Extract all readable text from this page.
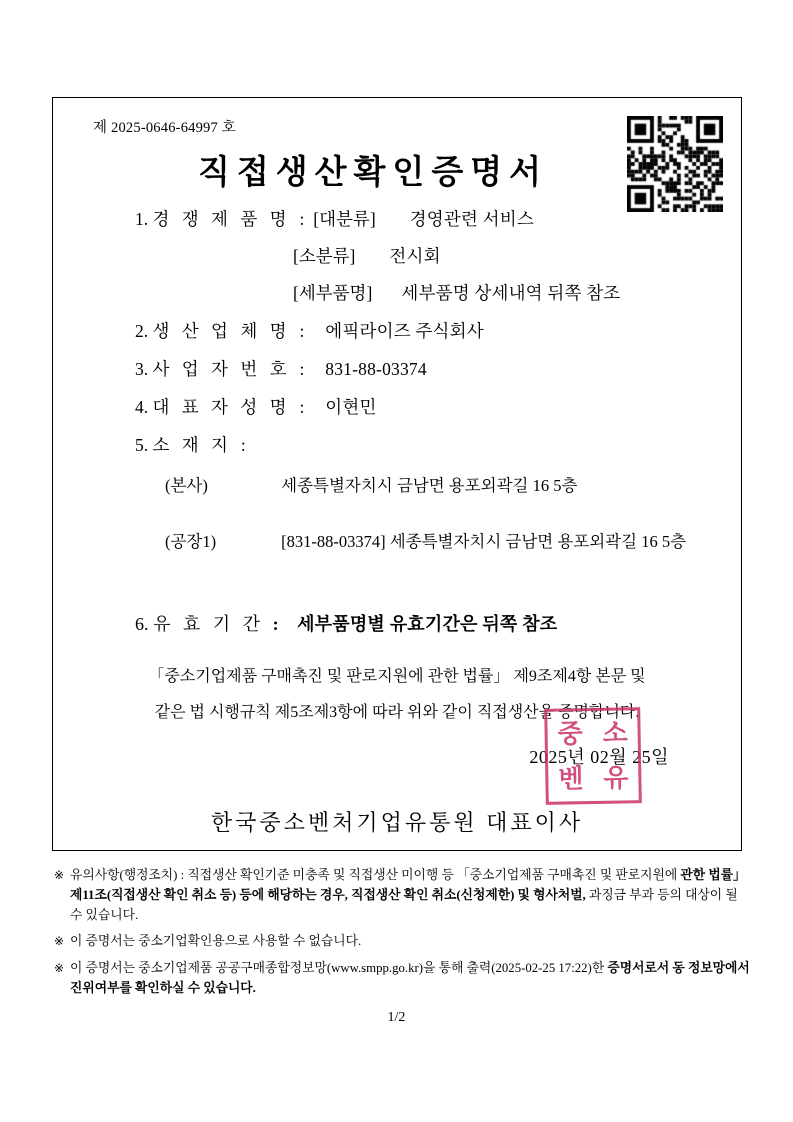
제 2025-0646-64997 호
직접생산확인증명서
1. 경 쟁 제 품 명 : [대분류] 경영관련 서비스
[소분류] 전시회
[세부품명] 세부품명 상세내역 뒤쪽 참조
2. 생 산 업 체 명 : 에픽라이즈 주식회사
3. 사 업 자 번 호 : 831-88-03374
4. 대 표 자 성 명 : 이현민
5. 소 재 지 :
(본사)	세종특별자치시 금남면 용포외곽길 16 5층
(공장1)	[831-88-03374] 세종특별자치시 금남면 용포외곽길 16 5층
6. 유 효 기 간 : 세부품명별 유효기간은 뒤쪽 참조
「중소기업제품 구매촉진 및 판로지원에 관한 법률」 제9조제4항 본문 및
같은 법 시행규칙 제5조제3항에 따라 위와 같이 직접생산을 증명합니다.
2025년 02월 25일
한국중소벤처기업유통원 대표이사
중 소
벤 유
※ 유의사항(행정조치) : 직접생산 확인기준 미충족 및 직접생산 미이행 등 「중소기업제품 구매촉진 및 판로지원에 관한 법률」 제11조(직접생산 확인 취소 등) 등에 해당하는 경우, 직접생산 확인 취소(신청제한) 및 형사처벌, 과징금 부과 등의 대상이 될 수 있습니다.
※ 이 증명서는 중소기업확인용으로 사용할 수 없습니다.
※ 이 증명서는 중소기업제품 공공구매종합정보망(www.smpp.go.kr)을 통해 출력(2025-02-25 17:22)한 증명서로서 동 정보망에서 진위여부를 확인하실 수 있습니다.
1/2
